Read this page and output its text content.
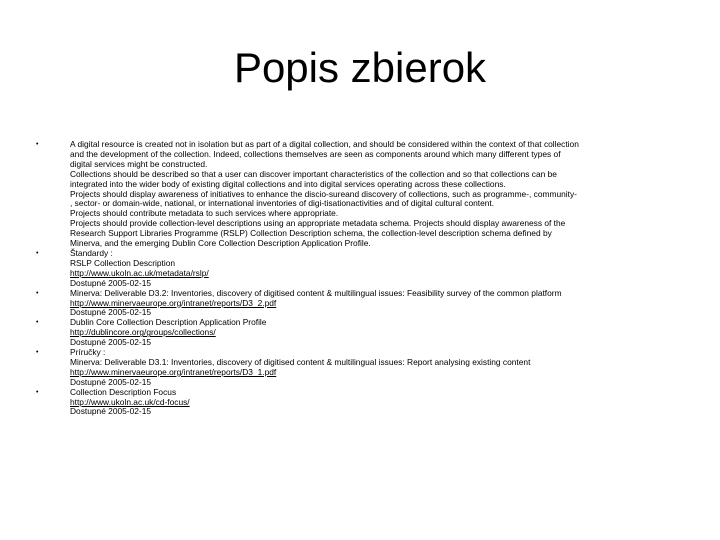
Popis zbierok
•	A digital resource is created not in isolation but as part of a digital collection, and should be considered within the context of that collection
and the development of the collection. Indeed, collections themselves are seen as components around which many different types of
digital services might be constructed.
Collections should be described so that a user can discover important characteristics of the collection and so that collections can be
integrated into the wider body of existing digital collections and into digital services operating across these collections.
Projects should display awareness of initiatives to enhance the discio-sureand discovery of collections, such as programme-, community-
, sector- or domain-wide, national, or international inventories of digi-tisationactivities and of digital cultural content.
Projects should contribute metadata to such services where appropriate.
Projects should provide collection-level descriptions using an appropriate metadata schema. Projects should display awareness of the
Research Support Libraries Programme (RSLP) Collection Description schema, the collection-level description schema defined by
Minerva, and the emerging Dublin Core Collection Description Application Profile.
•	Štandardy :
RSLP Collection Description
http://www.ukoln.ac.uk/metadata/rslp/
Dostupné 2005-02-15
•	Minerva: Deliverable D3.2: Inventories, discovery of digitised content & multilingual issues: Feasibility survey of the common platform
http://www.minervaeurope.org/intranet/reports/D3_2.pdf
Dostupné 2005-02-15
•	Dublin Core Collection Description Application Profile
http://dublincore.org/groups/collections/
Dostupné 2005-02-15
•	Príručky :
Minerva: Deliverable D3.1: Inventories, discovery of digitised content & multilingual issues: Report analysing existing content
http://www.minervaeurope.org/intranet/reports/D3_1.pdf
Dostupné 2005-02-15
•	Collection Description Focus
http://www.ukoln.ac.uk/cd-focus/
Dostupné 2005-02-15
